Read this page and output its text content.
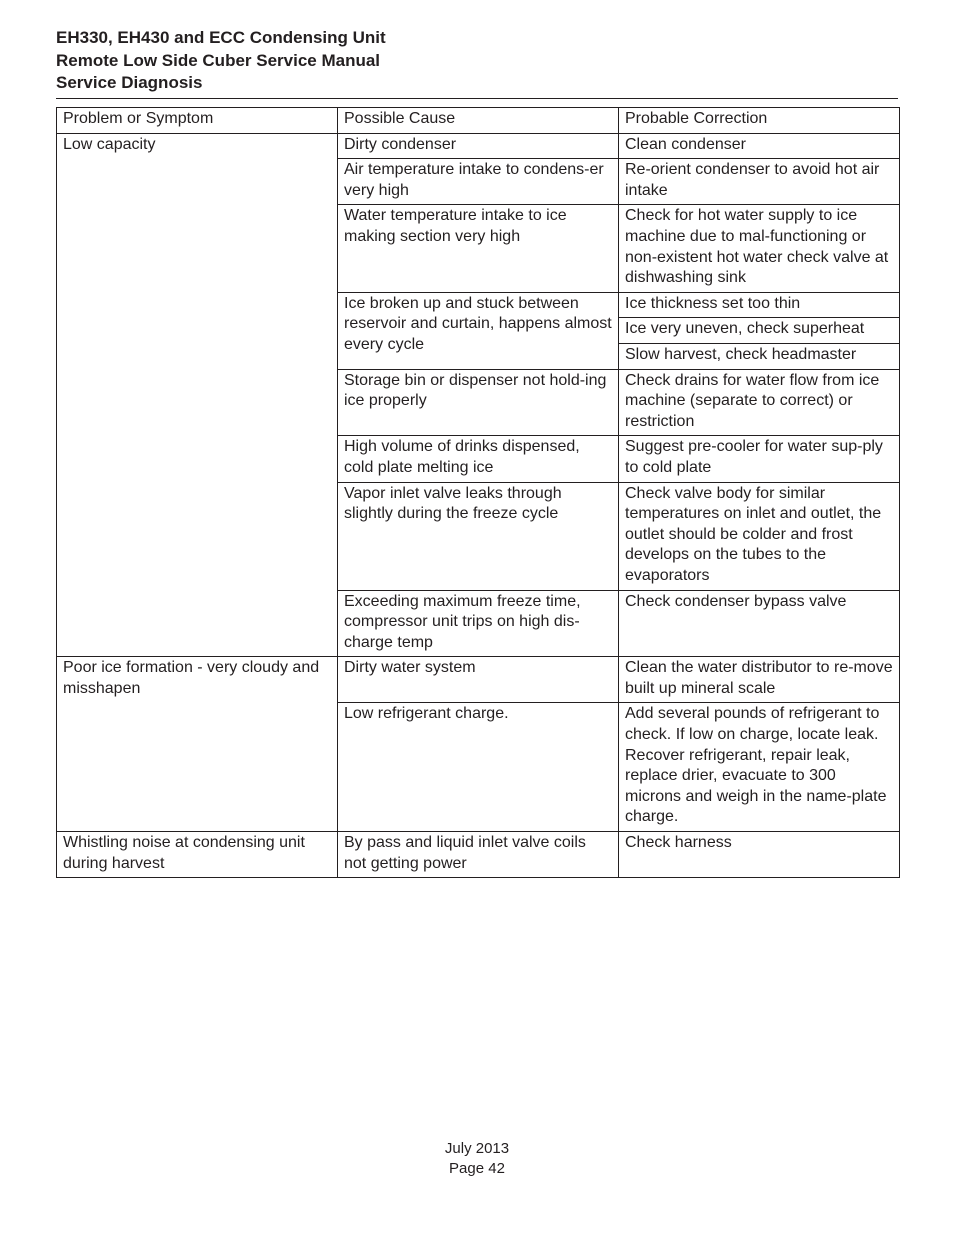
EH330, EH430 and ECC Condensing Unit
Remote Low Side Cuber Service Manual
Service Diagnosis
Problem or Symptom	Possible Cause	Probable Correction
Low capacity	Dirty condenser	Clean condenser
	Air temperature intake to condens-er very high	Re-orient condenser to avoid hot air intake
	Water temperature intake to ice making section very high	Check for hot water supply to ice machine due to mal-functioning or non-existent hot water check valve at dishwashing sink
	Ice broken up and stuck between reservoir and curtain, happens almost every cycle	Ice thickness set too thin
		Ice very uneven, check superheat
		Slow harvest, check headmaster
	Storage bin or dispenser not hold-ing ice properly	Check drains for water flow from ice machine (separate to correct) or restriction
	High volume of drinks dispensed, cold plate melting ice	Suggest pre-cooler for water sup-ply to cold plate
	Vapor inlet valve leaks through slightly during the freeze cycle	Check valve body for similar temperatures on inlet and outlet, the outlet should be colder and frost develops on the tubes to the evaporators
	Exceeding maximum freeze time, compressor unit trips on high dis-charge temp	Check condenser bypass valve
Poor ice formation - very cloudy and misshapen	Dirty water system	Clean the water distributor to re-move built up mineral scale
	Low refrigerant charge.	Add several pounds of refrigerant to check. If low on charge, locate leak. Recover refrigerant, repair leak, replace drier, evacuate to 300 microns and weigh in the name-plate charge.
Whistling noise at condensing unit during harvest	By pass and liquid inlet valve coils not getting power	Check harness
July 2013
Page 42
